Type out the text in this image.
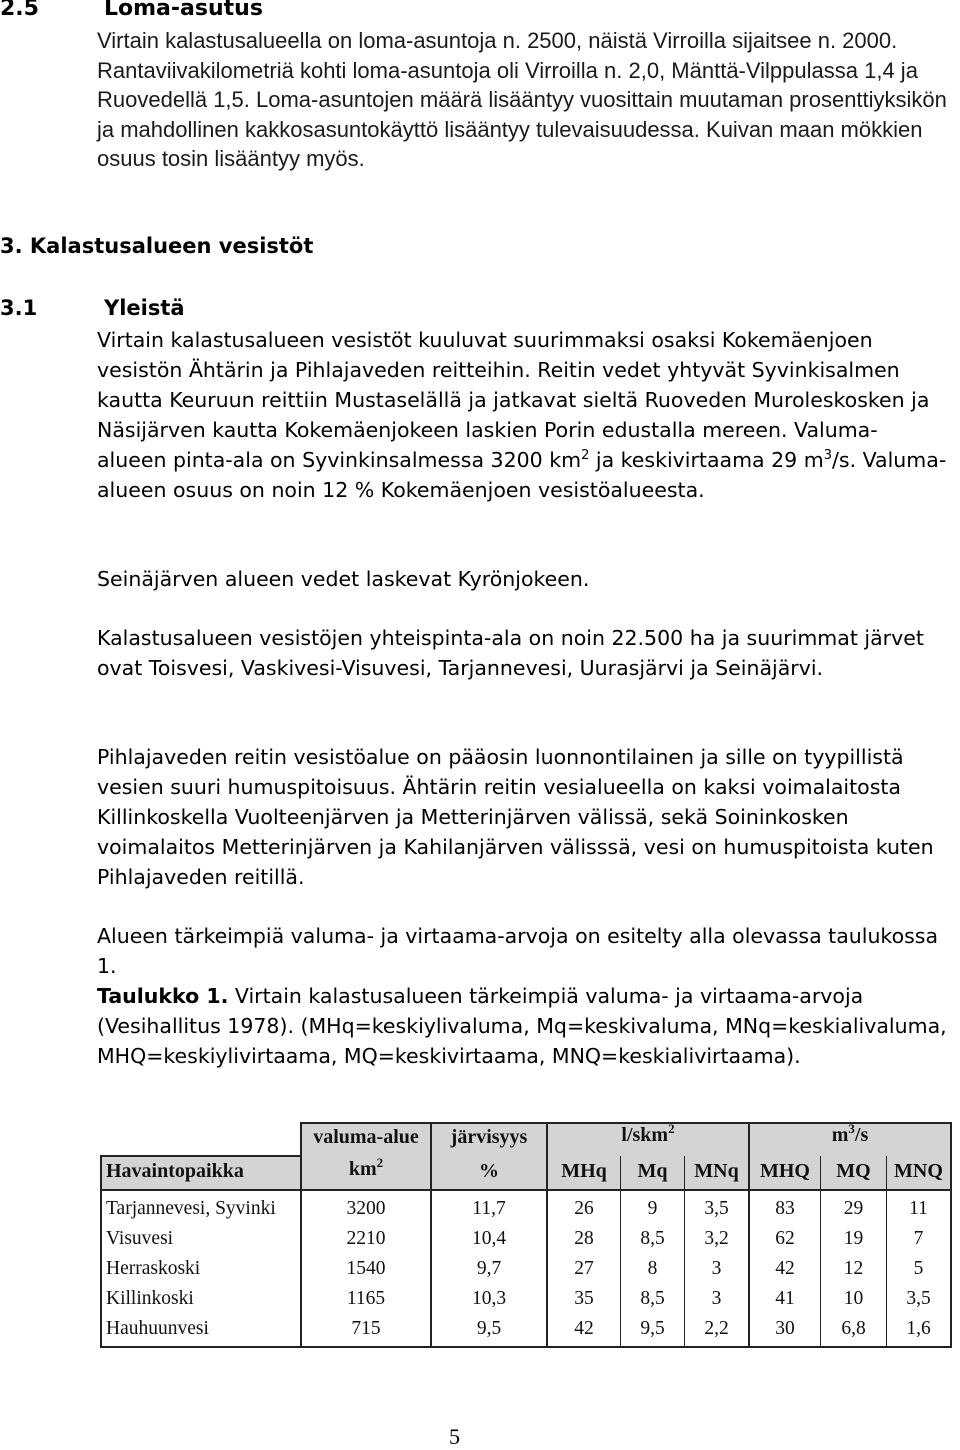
2.5	Loma-asutus
Virtain kalastusalueella on loma-asuntoja n. 2500, näistä Virroilla sijaitsee n. 2000. Rantaviivakilometriä kohti loma-asuntoja oli Virroilla n. 2,0, Mänttä-Vilppulassa 1,4 ja Ruovedellä 1,5. Loma-asuntojen määrä lisääntyy vuosittain muutaman prosenttiyksikön ja mahdollinen kakkosasuntokäyttö lisääntyy tulevaisuudessa. Kuivan maan mökkien osuus tosin lisääntyy myös.
3. Kalastusalueen vesistöt
3.1	Yleistä
Virtain kalastusalueen vesistöt kuuluvat suurimmaksi osaksi Kokemäenjoen vesistön Ähtärin ja Pihlajaveden reitteihin. Reitin vedet yhtyvät Syvinkisalmen kautta Keuruun reittiin Mustaselällä ja jatkavat sieltä Ruoveden Muroleskosken ja Näsijärven kautta Kokemäenjokeen laskien Porin edustalla mereen. Valuma-alueen pinta-ala on Syvinkinsalmessa 3200 $km^2$ ja keskivirtaama 29 $m^3/s$. Valuma-alueen osuus on noin 12 % Kokemäenjoen vesistöalueesta.
Seinäjärven alueen vedet laskevat Kyrönjokeen.
Kalastusalueen vesistöjen yhteispinta-ala on noin 22.500 ha ja suurimmat järvet ovat Toisvesi, Vaskivesi-Visuvesi, Tarjannevesi, Uurasjärvi ja Seinäjärvi.
Pihlajaveden reitin vesistöalue on pääosin luonnontilainen ja sille on tyypillistä vesien suuri humuspitoisuus. Ähtärin reitin vesialueella on kaksi voimalaitosta Killinkoskella Vuolteenjärven ja Metterinjärven välissä, sekä Soininkosken voimalaitos Metterinjärven ja Kahilanjärven välisssä, vesi on humuspitoista kuten Pihlajaveden reitillä.
Alueen tärkeimpiä valuma- ja virtaama-arvoja on esitelty alla olevassa taulukossa 1.
Taulukko 1. Virtain kalastusalueen tärkeimpiä valuma- ja virtaama-arvoja (Vesihallitus 1978). (MHq=keskiylivaluma, Mq=keskivaluma, MNq=keskialivaluma, MHQ=keskiylivirtaama, MQ=keskivirtaama, MNQ=keskialivirtaama).
valuma-alue	järvisyys	l/skm$^2$	$m^3/s$
Havaintopaikka	$km^2$	%	MHq	Mq	MNq	MHQ	MQ	MNQ
Tarjannevesi, Syvinki	3200	11,7	26	9	3,5	83	29	11
Visuvesi	2210	10,4	28	8,5	3,2	62	19	7
Herraskoski	1540	9,7	27	8	3	42	12	5
Killinkoski	1165	10,3	35	8,5	3	41	10	3,5
Hauhuunvesi	715	9,5	42	9,5	2,2	30	6,8	1,6
5
